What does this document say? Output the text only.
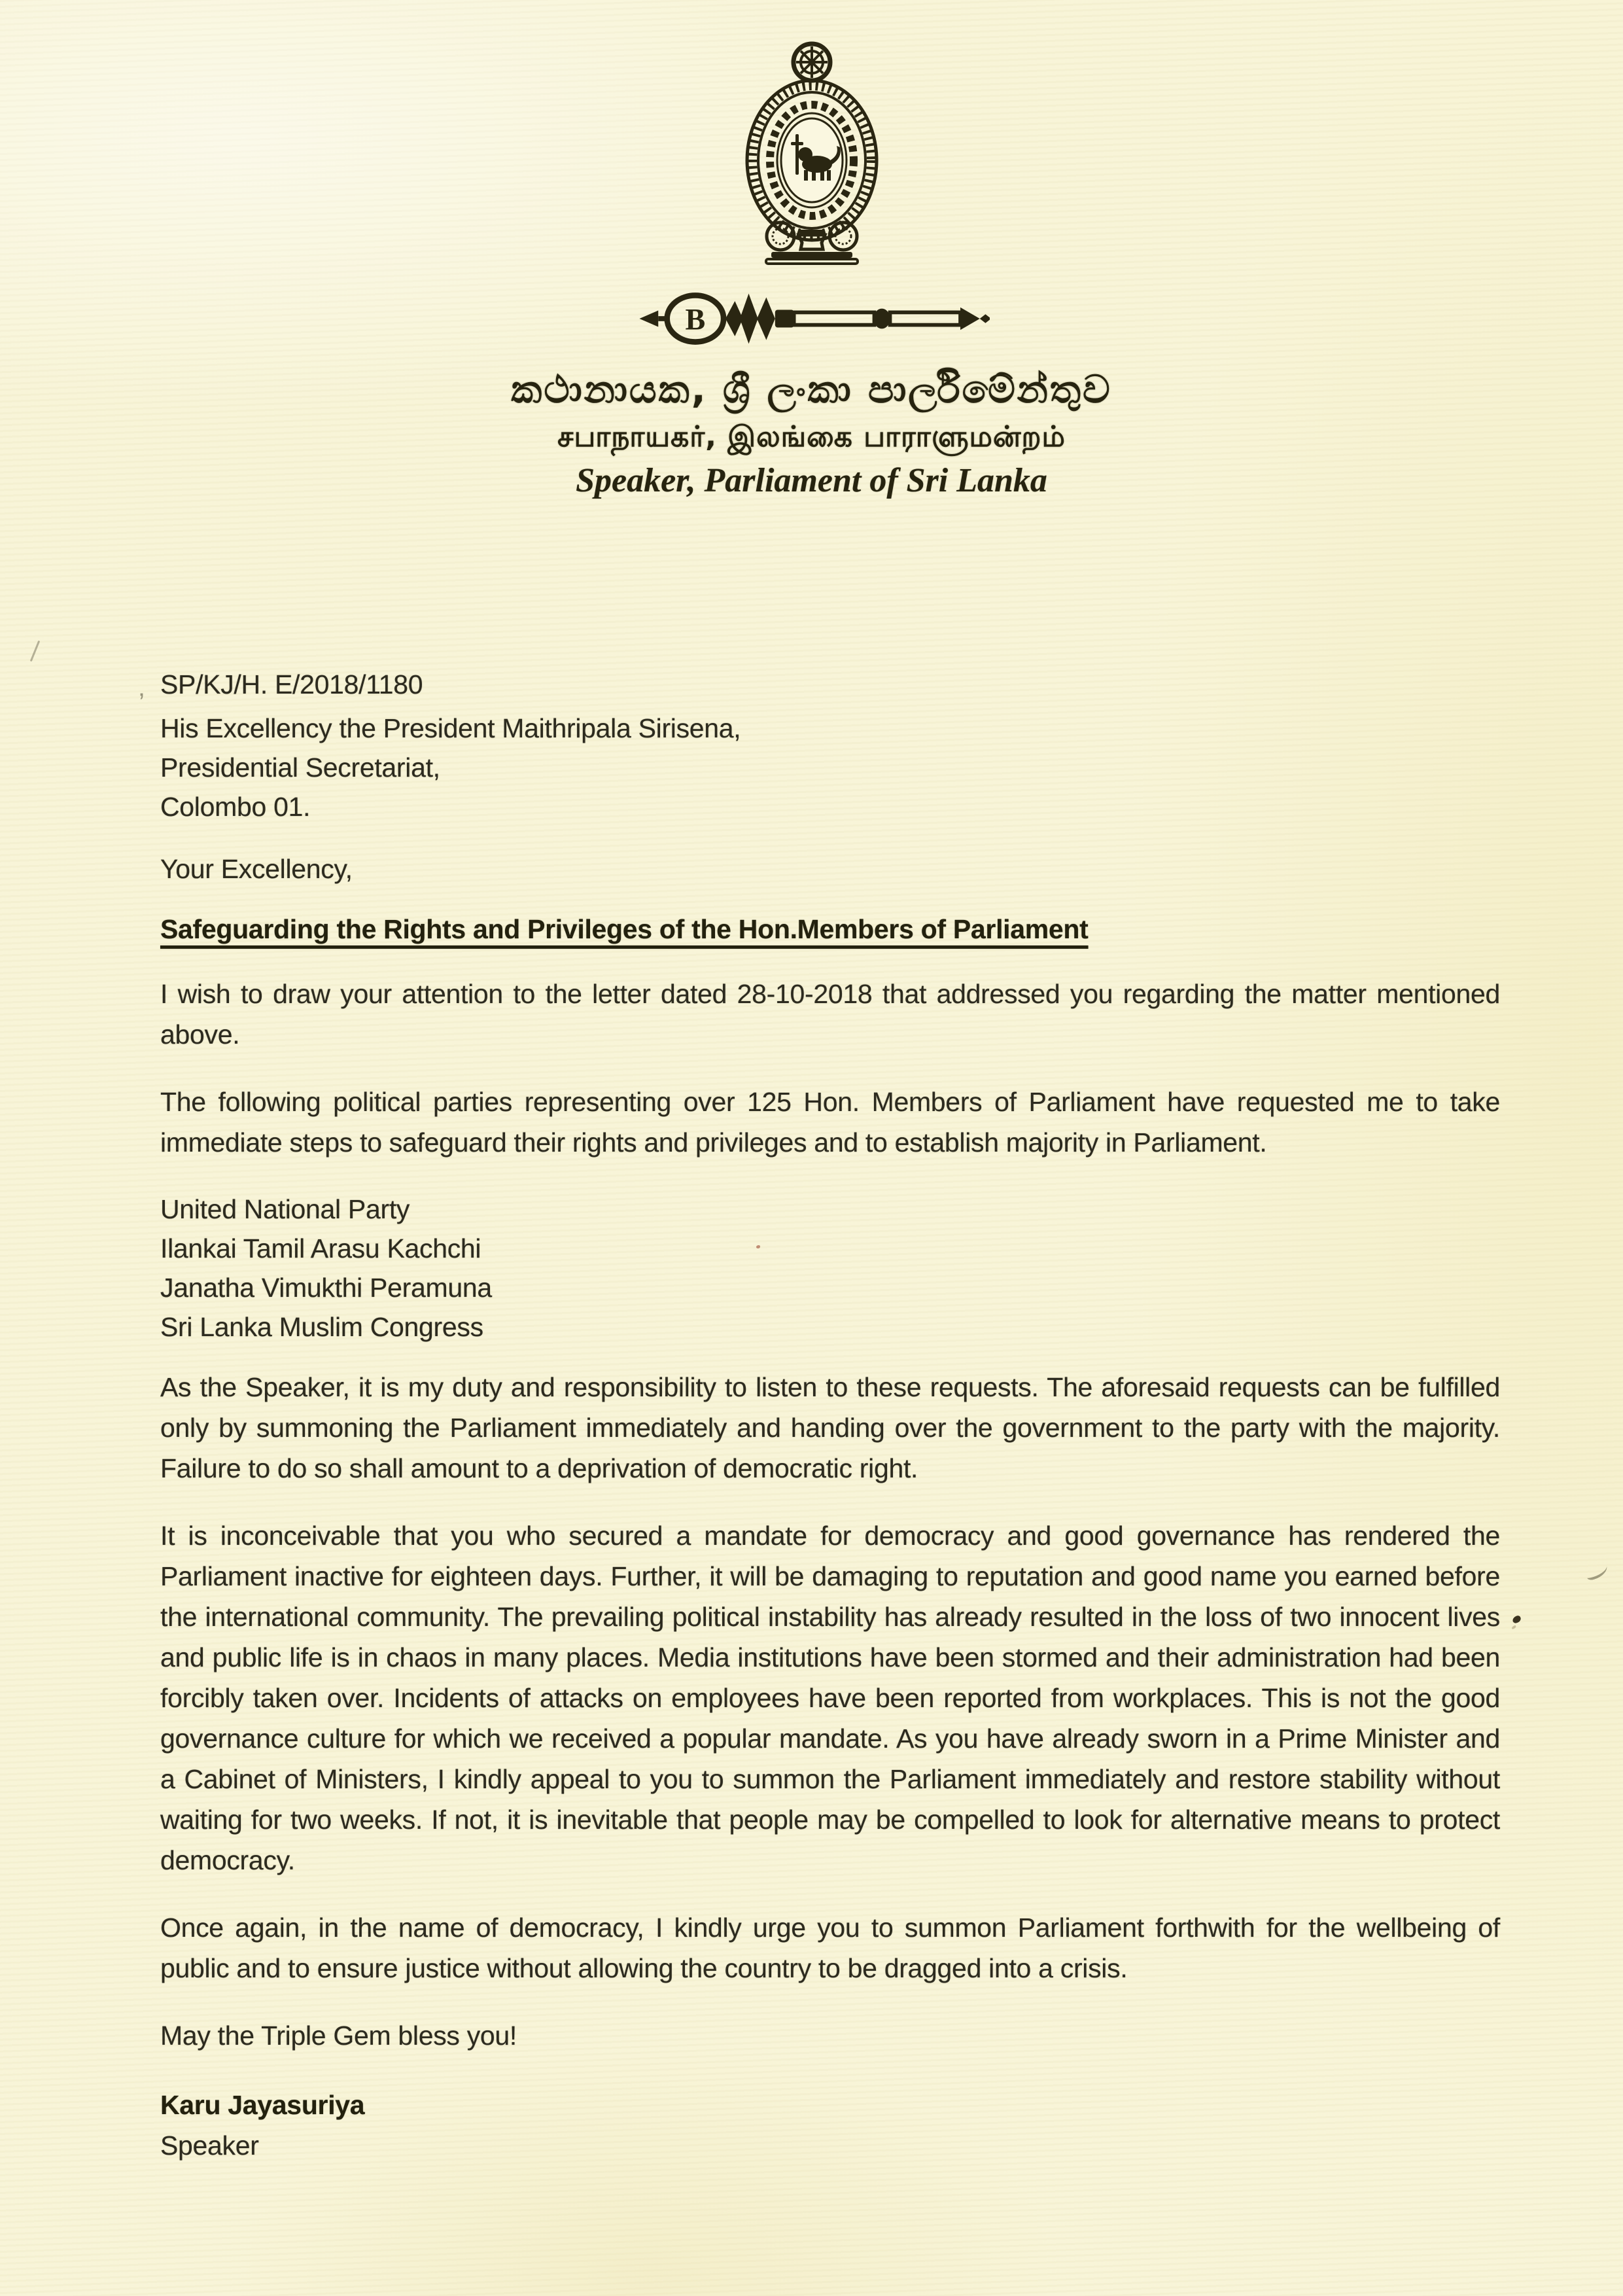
B
කථානායක, ශ්‍රී ලංකා පාර්ලිමේන්තුව
சபாநாயகர், இலங்கை பாராளுமன்றம்
Speaker, Parliament of Sri Lanka
SP/KJ/H. E/2018/1180
His Excellency the President Maithripala Sirisena,
Presidential Secretariat,
Colombo 01.
Your Excellency,
Safeguarding the Rights and Privileges of the Hon.Members of Parliament

I wish to draw your attention to the letter dated 28-10-2018 that addressed you regarding the matter mentioned above.

The following political parties representing over 125 Hon. Members of Parliament have requested me to take immediate steps to safeguard their rights and privileges and to establish majority in Parliament.

United National Party
Ilankai Tamil Arasu Kachchi
Janatha Vimukthi Peramuna
Sri Lanka Muslim Congress

As the Speaker, it is my duty and responsibility to listen to these requests. The aforesaid requests can be fulfilled only by summoning the Parliament immediately and handing over the government to the party with the majority. Failure to do so shall amount to a deprivation of democratic right.

It is inconceivable that you who secured a mandate for democracy and good governance has rendered the Parliament inactive for eighteen days. Further, it will be damaging to reputation and good name you earned before the international community. The prevailing political instability has already resulted in the loss of two innocent lives and public life is in chaos in many places. Media institutions have been stormed and their administration had been forcibly taken over. Incidents of attacks on employees have been reported from workplaces. This is not the good governance culture for which we received a popular mandate. As you have already sworn in a Prime Minister and a Cabinet of Ministers, I kindly appeal to you to summon the Parliament immediately and restore stability without waiting for two weeks. If not, it is inevitable that people may be compelled to look for alternative means to protect democracy.

Once again, in the name of democracy, I kindly urge you to summon Parliament forthwith for the wellbeing of public and to ensure justice without allowing the country to be dragged into a crisis.

May the Triple Gem bless you!
Karu Jayasuriya
Speaker
’
